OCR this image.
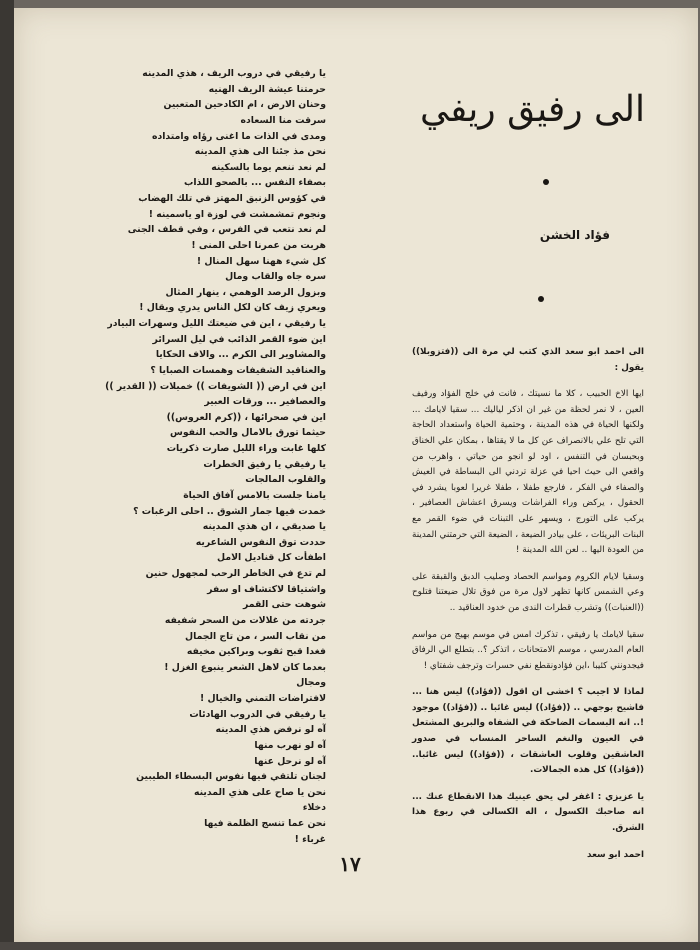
يا رفيقي في دروب الريف ، هذي المدينه
حرمتنا عيشة الريف الهنيه
وحنان الارض ، ام الكادحين المتعبين
سرقت منا السعاده
ومدى في الذات ما اغنى رؤاه وامتداده
نحن مذ جئنا الى هذي المدينه
لم نعد ننعم يوما بالسكينه
بصفاء النفس ... بالصحو اللذاب
في كؤوس الزنبق المهتز في تلك الهضاب
ونجوم تمشمشت في لوزة او ياسمينه !
لم نعد نتعب في الفرس ، وفي قطف الجنى
هربت من عمرنا احلى المنى !
كل شيء ههنا سهل المنال !
سره جاه والقاب ومال
وبزول الرصد الوهمي ، ينهار المثال
ويعري زيف كان لكل الناس يدري ويقال !
يا رفيقي ، اين في ضيعتك الليل وسهرات البيادر
اين ضوء القمر الذائب في ليل السرائر
والمشاوير الى الكرم ... والاف الحكايا
والعناقيد الشفيفات وهمسات الصبايا ؟
اين في ارض (( الشويفات )) خميلات (( القدير ))
والعصافير ... ورقات العبير
اين في صحرائها ، ((كرم العروس))
حيثما تورق بالامال والحب النفوس
كلها غابت وراء الليل صارت ذكريات
يا رفيقي يا رفيق الخطرات
والقلوب المالجات
يامنا جلست بالامس آفاق الحياة
خمدت فيها جمار الشوق .. احلى الرغبات ؟
يا صديقي ، ان هذي المدينه
حددت توق النفوس الشاعريه
اطفأت كل قناديل الامل
لم تدع في الخاطر الرحب لمجهول حنين
واشتياقا لاكتشاف او سفر
شوهت حتى القمر
جردته من غلالات من السحر شفيفه
من نقاب السر ، من تاج الجمال
فغدا قبح ثقوب وبراكين مخيفه
بعدما كان لاهل الشعر ينبوع الغزل !
ومجال
لافتراضات التمني والخيال !
يا رفيقي في الدروب الهادئات
آه لو نرفض هذي المدينه
آه لو نهرب منها
آه لو نرحل عنها
لجنان تلتقي فيها نفوس البسطاء الطيبين
نحن يا صاح على هذي المدينه
دخلاء
نحن عما تنسج الظلمة فيها
غرباء !
الى رفيق ريفي
فؤاد الخشن

الى احمد ابو سعد الذي كتب لي مرة الى ((فتزوبلا)) يقول :

ايها الاخ الحبيب ، كلا ما نسيتك ، فانت في خلج الفؤاد ورفيف العين ، لا نمر لحظة من غير ان اذكر لياليك ... سقيا لايامك ... ولكنها الحياة في هذه المدينة ، وحتمية الحياة واستعداد الحاجة التي تلح علي بالانصراف عن كل ما لا يقتاها ، بمكان علي الخناق وبحبسان في التنفس ، اود لو انجو من حياتي ، واهرب من واقعي الى حيث احيا في عزلة تردني الى البساطة في العيش والصفاء في الفكر ، فارجع طفلا ، طفلا غريرا لعوبا يشرد في الحقول ، يركض وراء الفراشات ويسرق اعشاش العصافير ، يركب على التورج ، ويسهر على التبنات في ضوء القمر مع البنات البريئات ، على بيادر الضيعة ، الضيعة التي حرمتني المدينة من العودة اليها .. لعن الله المدينة !

وسقيا لايام الكروم ومواسم الحصاد وصليب الدبق والقبقة على وعي الشمس كانها تظهر لاول مرة من فوق تلال ضيعتنا فتلوح ((العنبات)) وتشرب قطرات الندى من خدود العناقيد ..

سقيا لايامك يا رفيقي ، تذكرك امس في موسم بهيج من مواسم العام المدرسي ، موسم الامتحانات ، اتذكر ؟.. بتطلع الي الرفاق فيجدونني كئيبا ،اين فؤادونقطع نفي حسرات وترجف شفتاي !

لماذا لا اجيب ؟ اخشى ان اقول ((فؤاد)) ليس هنا ... فاشيح بوجهي .. ((فؤاد)) ليس غائبا .. ((فؤاد)) موجود !.. انه البسمات الضاحكة في الشفاه والبريق المشتعل في العيون والنغم الساحر المنساب في صدور العاشقين وقلوب العاشقات ، ((فؤاد)) ليس غائبا.. ((فؤاد)) كل هذه الجمالات.

يا عزيزي : اغفر لي يحق عينيك هذا الانقطاع عنك ... انه صاحبك الكسول ، اله الكسالى في ربوع هذا الشرق.

احمد ابو سعد
١٧
